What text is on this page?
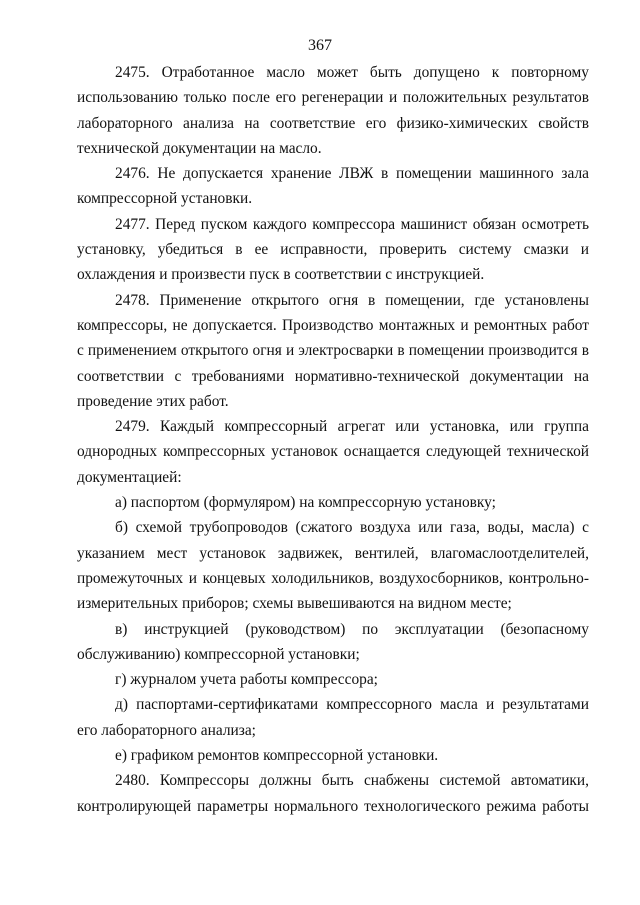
367

2475. Отработанное масло может быть допущено к повторному использованию только после его регенерации и положительных результатов лабораторного анализа на соответствие его физико-химических свойств технической документации на масло.

2476. Не допускается хранение ЛВЖ в помещении машинного зала компрессорной установки.

2477. Перед пуском каждого компрессора машинист обязан осмотреть установку, убедиться в ее исправности, проверить систему смазки и охлаждения и произвести пуск в соответствии с инструкцией.

2478. Применение открытого огня в помещении, где установлены компрессоры, не допускается. Производство монтажных и ремонтных работ с применением открытого огня и электросварки в помещении производится в соответствии с требованиями нормативно-технической документации на проведение этих работ.

2479. Каждый компрессорный агрегат или установка, или группа однородных компрессорных установок оснащается следующей технической документацией:

а) паспортом (формуляром) на компрессорную установку;

б) схемой трубопроводов (сжатого воздуха или газа, воды, масла) с указанием мест установок задвижек, вентилей, влагомаслоотделителей, промежуточных и концевых холодильников, воздухосборников, контрольно-измерительных приборов; схемы вывешиваются на видном месте;

в) инструкцией (руководством) по эксплуатации (безопасному обслуживанию) компрессорной установки;

г) журналом учета работы компрессора;

д) паспортами-сертификатами компрессорного масла и результатами его лабораторного анализа;

е) графиком ремонтов компрессорной установки.

2480. Компрессоры должны быть снабжены системой автоматики, контролирующей параметры нормального технологического режима работы
